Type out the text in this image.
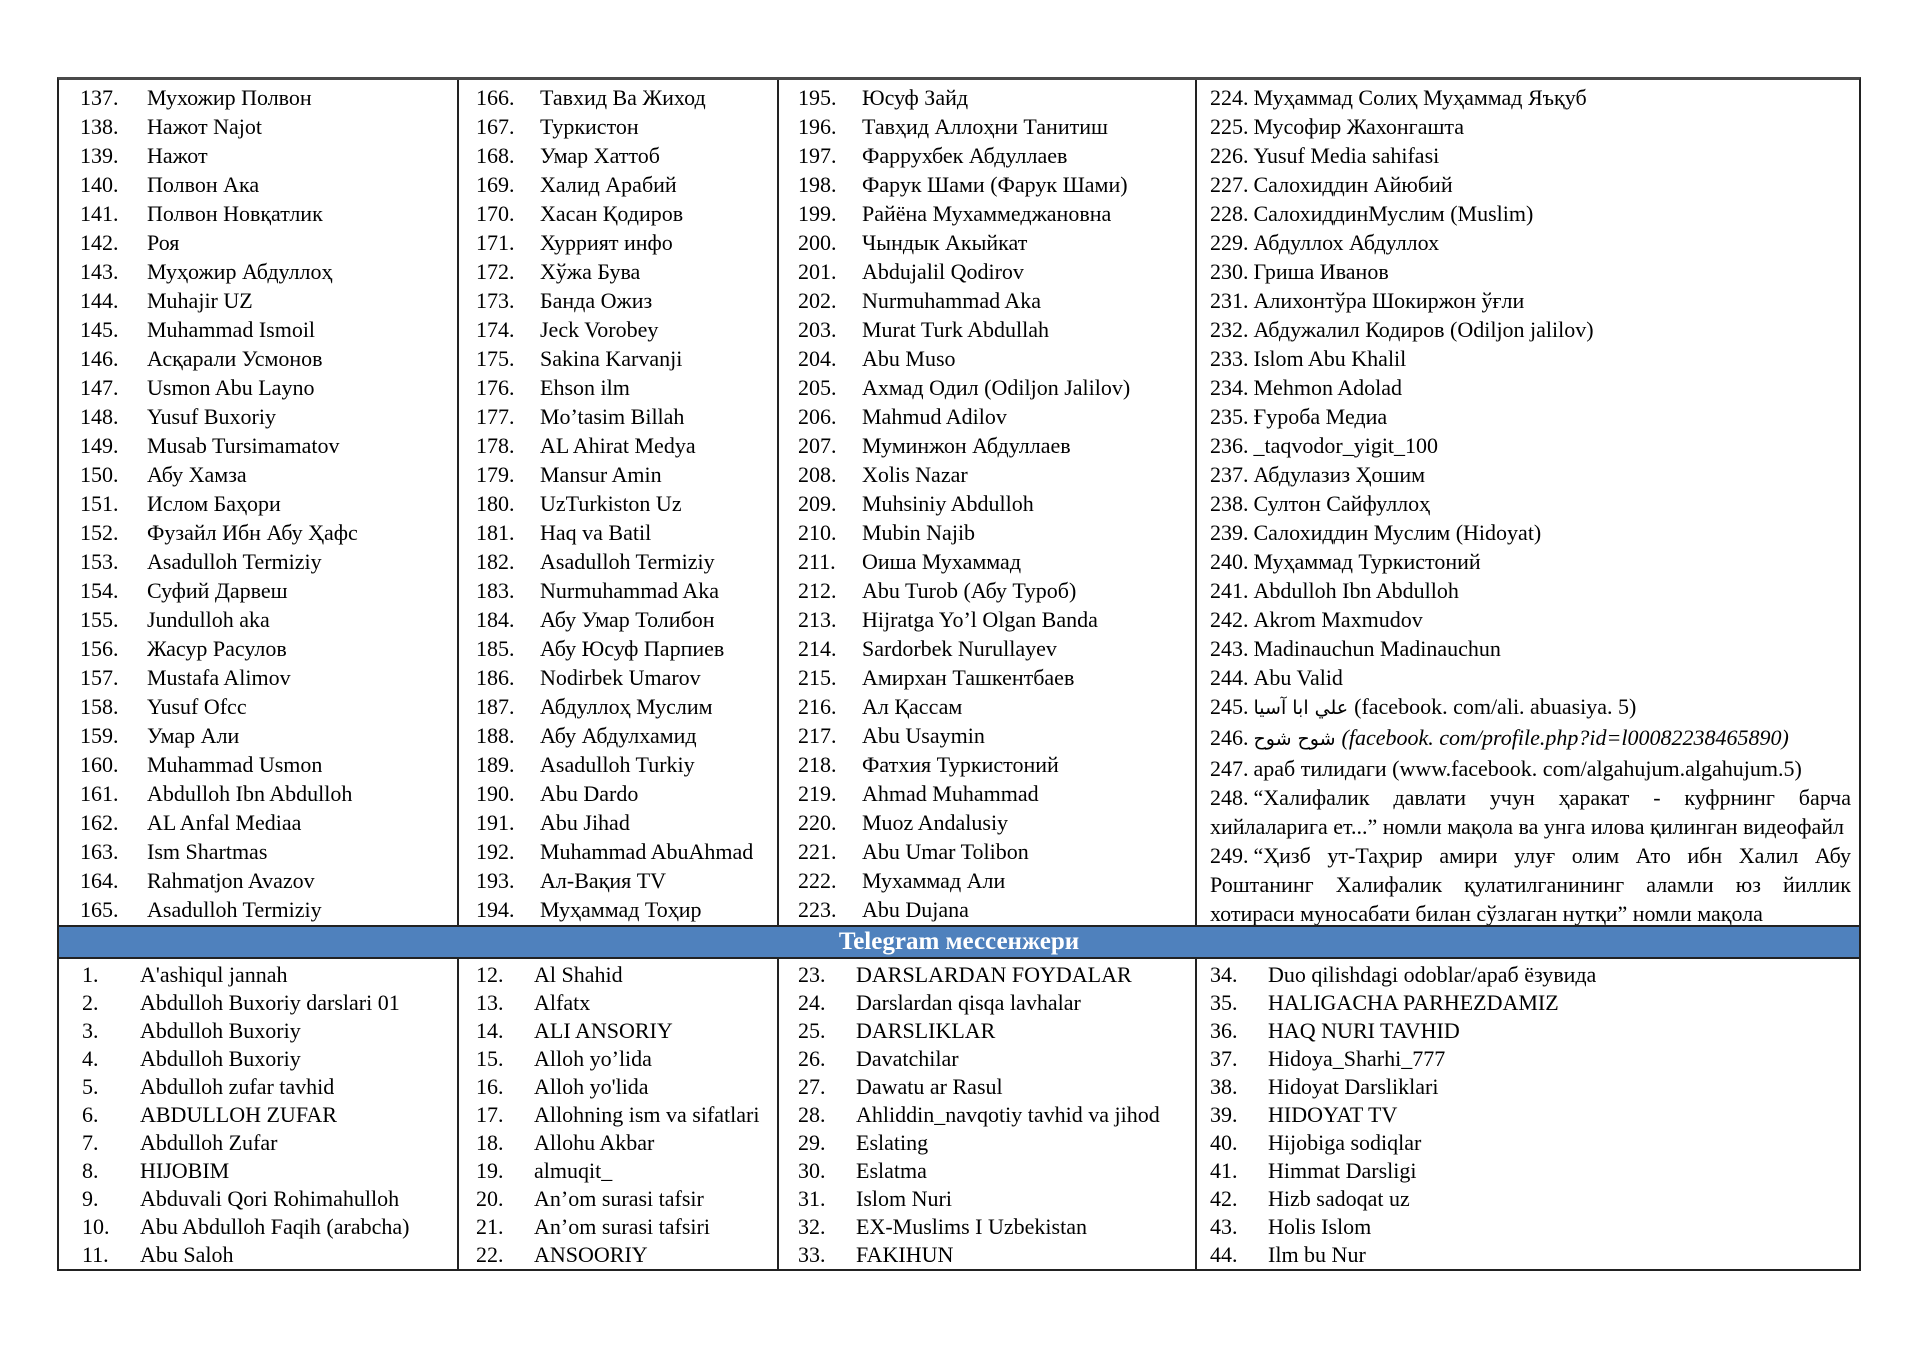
137.	Мухожир Полвон
138.	Нажот Najot
139.	Нажот
140.	Полвон Ака
141.	Полвон Новқатлик
142.	Роя
143.	Муҳожир Абдуллоҳ
144.	Muhajir UZ
145.	Muhammad Ismoil
146.	Асқарали Усмонов
147.	Usmon Abu Layno
148.	Yusuf Buxoriy
149.	Musab Tursimamatov
150.	Абу Хамза
151.	Ислом Баҳори
152.	Фузайл Ибн Абу Ҳафс
153.	Asadulloh Termiziy
154.	Суфий Дарвеш
155.	Jundulloh aka
156.	Жасур Расулов
157.	Mustafa Alimov
158.	Yusuf Ofcc
159.	Умар Али
160.	Muhammad Usmon
161.	Abdulloh Ibn Abdulloh
162.	AL Anfal Mediaa
163.	Ism Shartmas
164.	Rahmatjon Avazov
165.	Asadulloh Termiziy
166.	Тавхид Ва Жиход
167.	Туркистон
168.	Умар Хаттоб
169.	Халид Арабий
170.	Хасан Қодиров
171.	Хуррият инфо
172.	Хўжа Бува
173.	Банда Ожиз
174.	Jeck Vorobey
175.	Sakina Karvanji
176.	Ehson ilm
177.	Mo’tasim Billah
178.	AL Ahirat Medya
179.	Mansur Amin
180.	UzTurkiston Uz
181.	Haq va Batil
182.	Asadulloh Termiziy
183.	Nurmuhammad Aka
184.	Абу Умар Толибон
185.	Абу Юсуф Парпиев
186.	Nodirbek Umarov
187.	Абдуллоҳ Муслим
188.	Абу Абдулхамид
189.	Asadulloh Turkiy
190.	Abu Dardo
191.	Abu Jihad
192.	Muhammad AbuAhmad
193.	Ал-Вақия TV
194.	Муҳаммад Тоҳир
195.	Юсуф Зайд
196.	Тавҳид Аллоҳни Танитиш
197.	Фаррухбек Абдуллаев
198.	Фарук Шами (Фарук Шами)
199.	Райёна Мухаммеджановна
200.	Чындык Акыйкат
201.	Abdujalil Qodirov
202.	Nurmuhammad Aka
203.	Murat Turk Abdullah
204.	Abu Muso
205.	Ахмад Одил (Odiljon Jalilov)
206.	Mahmud Adilov
207.	Муминжон Абдуллаев
208.	Xolis Nazar
209.	Muhsiniy Abdulloh
210.	Mubin Najib
211.	Оиша Мухаммад
212.	Abu Turob (Абу Туроб)
213.	Hijratga Yo’l Olgan Banda
214.	Sardorbek Nurullayev
215.	Амирхан Ташкентбаев
216.	Ал Қассам
217.	Abu Usaymin
218.	Фатхия Туркистоний
219.	Ahmad Muhammad
220.	Muoz Andalusiy
221.	Abu Umar Tolibon
222.	Мухаммад Али
223.	Abu Dujana
224. Муҳаммад Солиҳ Муҳаммад Яъқуб
225. Мусофир Жахонгашта
226. Yusuf Media sahifasi
227. Салохиддин Айюбий
228. СалохиддинМуслим (Muslim)
229. Абдуллох Абдуллох
230. Гриша Иванов
231. Алихонтўра Шокиржон ўғли
232. Абдужалил Кодиров (Odiljon jalilov)
233. Islom Abu Khalil
234. Mehmon Adolad
235. Ғуроба Медиа
236. _taqvodor_yigit_100
237. Абдулазиз Ҳошим
238. Султон Сайфуллоҳ
239. Салохиддин Муслим (Hidoyat)
240. Муҳаммад Туркистоний
241. Abdulloh Ibn Abdulloh
242. Akrom Maxmudov
243. Madinauchun Madinauchun
244. Abu Valid
245. علي ابا آسيا (facebook. com/ali. abuasiya. 5)
246. شوح شوح (facebook. com/profile.php?id=l00082238465890)
247. араб тилидаги (www.facebook. com/algahujum.algahujum.5)
248. “Халифалик давлати учун ҳаракат - куфрнинг барча хийлаларига ет...” номли мақола ва унга илова қилинган видеофайл
249. “Ҳизб ут-Таҳрир амири улуғ олим Ато ибн Халил Абу Роштанинг Халифалик қулатилганининг аламли юз йиллик хотираси муносабати билан сўзлаган нутқи” номли мақола
Telegram мессенжери
1.	A'ashiqul jannah
2.	Abdulloh Buxoriy darslari 01
3.	Abdulloh Buxoriy
4.	Abdulloh Buxoriy
5.	Abdulloh zufar tavhid
6.	ABDULLOH ZUFAR
7.	Abdulloh Zufar
8.	HIJOBIM
9.	Abduvali Qori Rohimahulloh
10.	Abu Abdulloh Faqih (arabcha)
11.	Abu Saloh
12.	Al Shahid
13.	Alfatx
14.	ALI ANSORIY
15.	Alloh yo’lida
16.	Alloh yo'lida
17.	Allohning ism va sifatlari
18.	Allohu Akbar
19.	almuqit_
20.	An’om surasi tafsir
21.	An’om surasi tafsiri
22.	ANSOORIY
23.	DARSLARDAN FOYDALAR
24.	Darslardan qisqa lavhalar
25.	DARSLIKLAR
26.	Davatchilar
27.	Dawatu ar Rasul
28.	Ahliddin_navqotiy tavhid va jihod
29.	Eslating
30.	Eslatma
31.	Islom Nuri
32.	EX-Muslims I Uzbekistan
33.	FAKIHUN
34.	Duo qilishdagi odoblar/араб ёзувида
35.	HALIGACHA PARHEZDAMIZ
36.	HAQ NURI TAVHID
37.	Hidoya_Sharhi_777
38.	Hidoyat Darsliklari
39.	HIDOYAT TV
40.	Hijobiga sodiqlar
41.	Himmat Darsligi
42.	Hizb sadoqat uz
43.	Holis Islom
44.	Ilm bu Nur
